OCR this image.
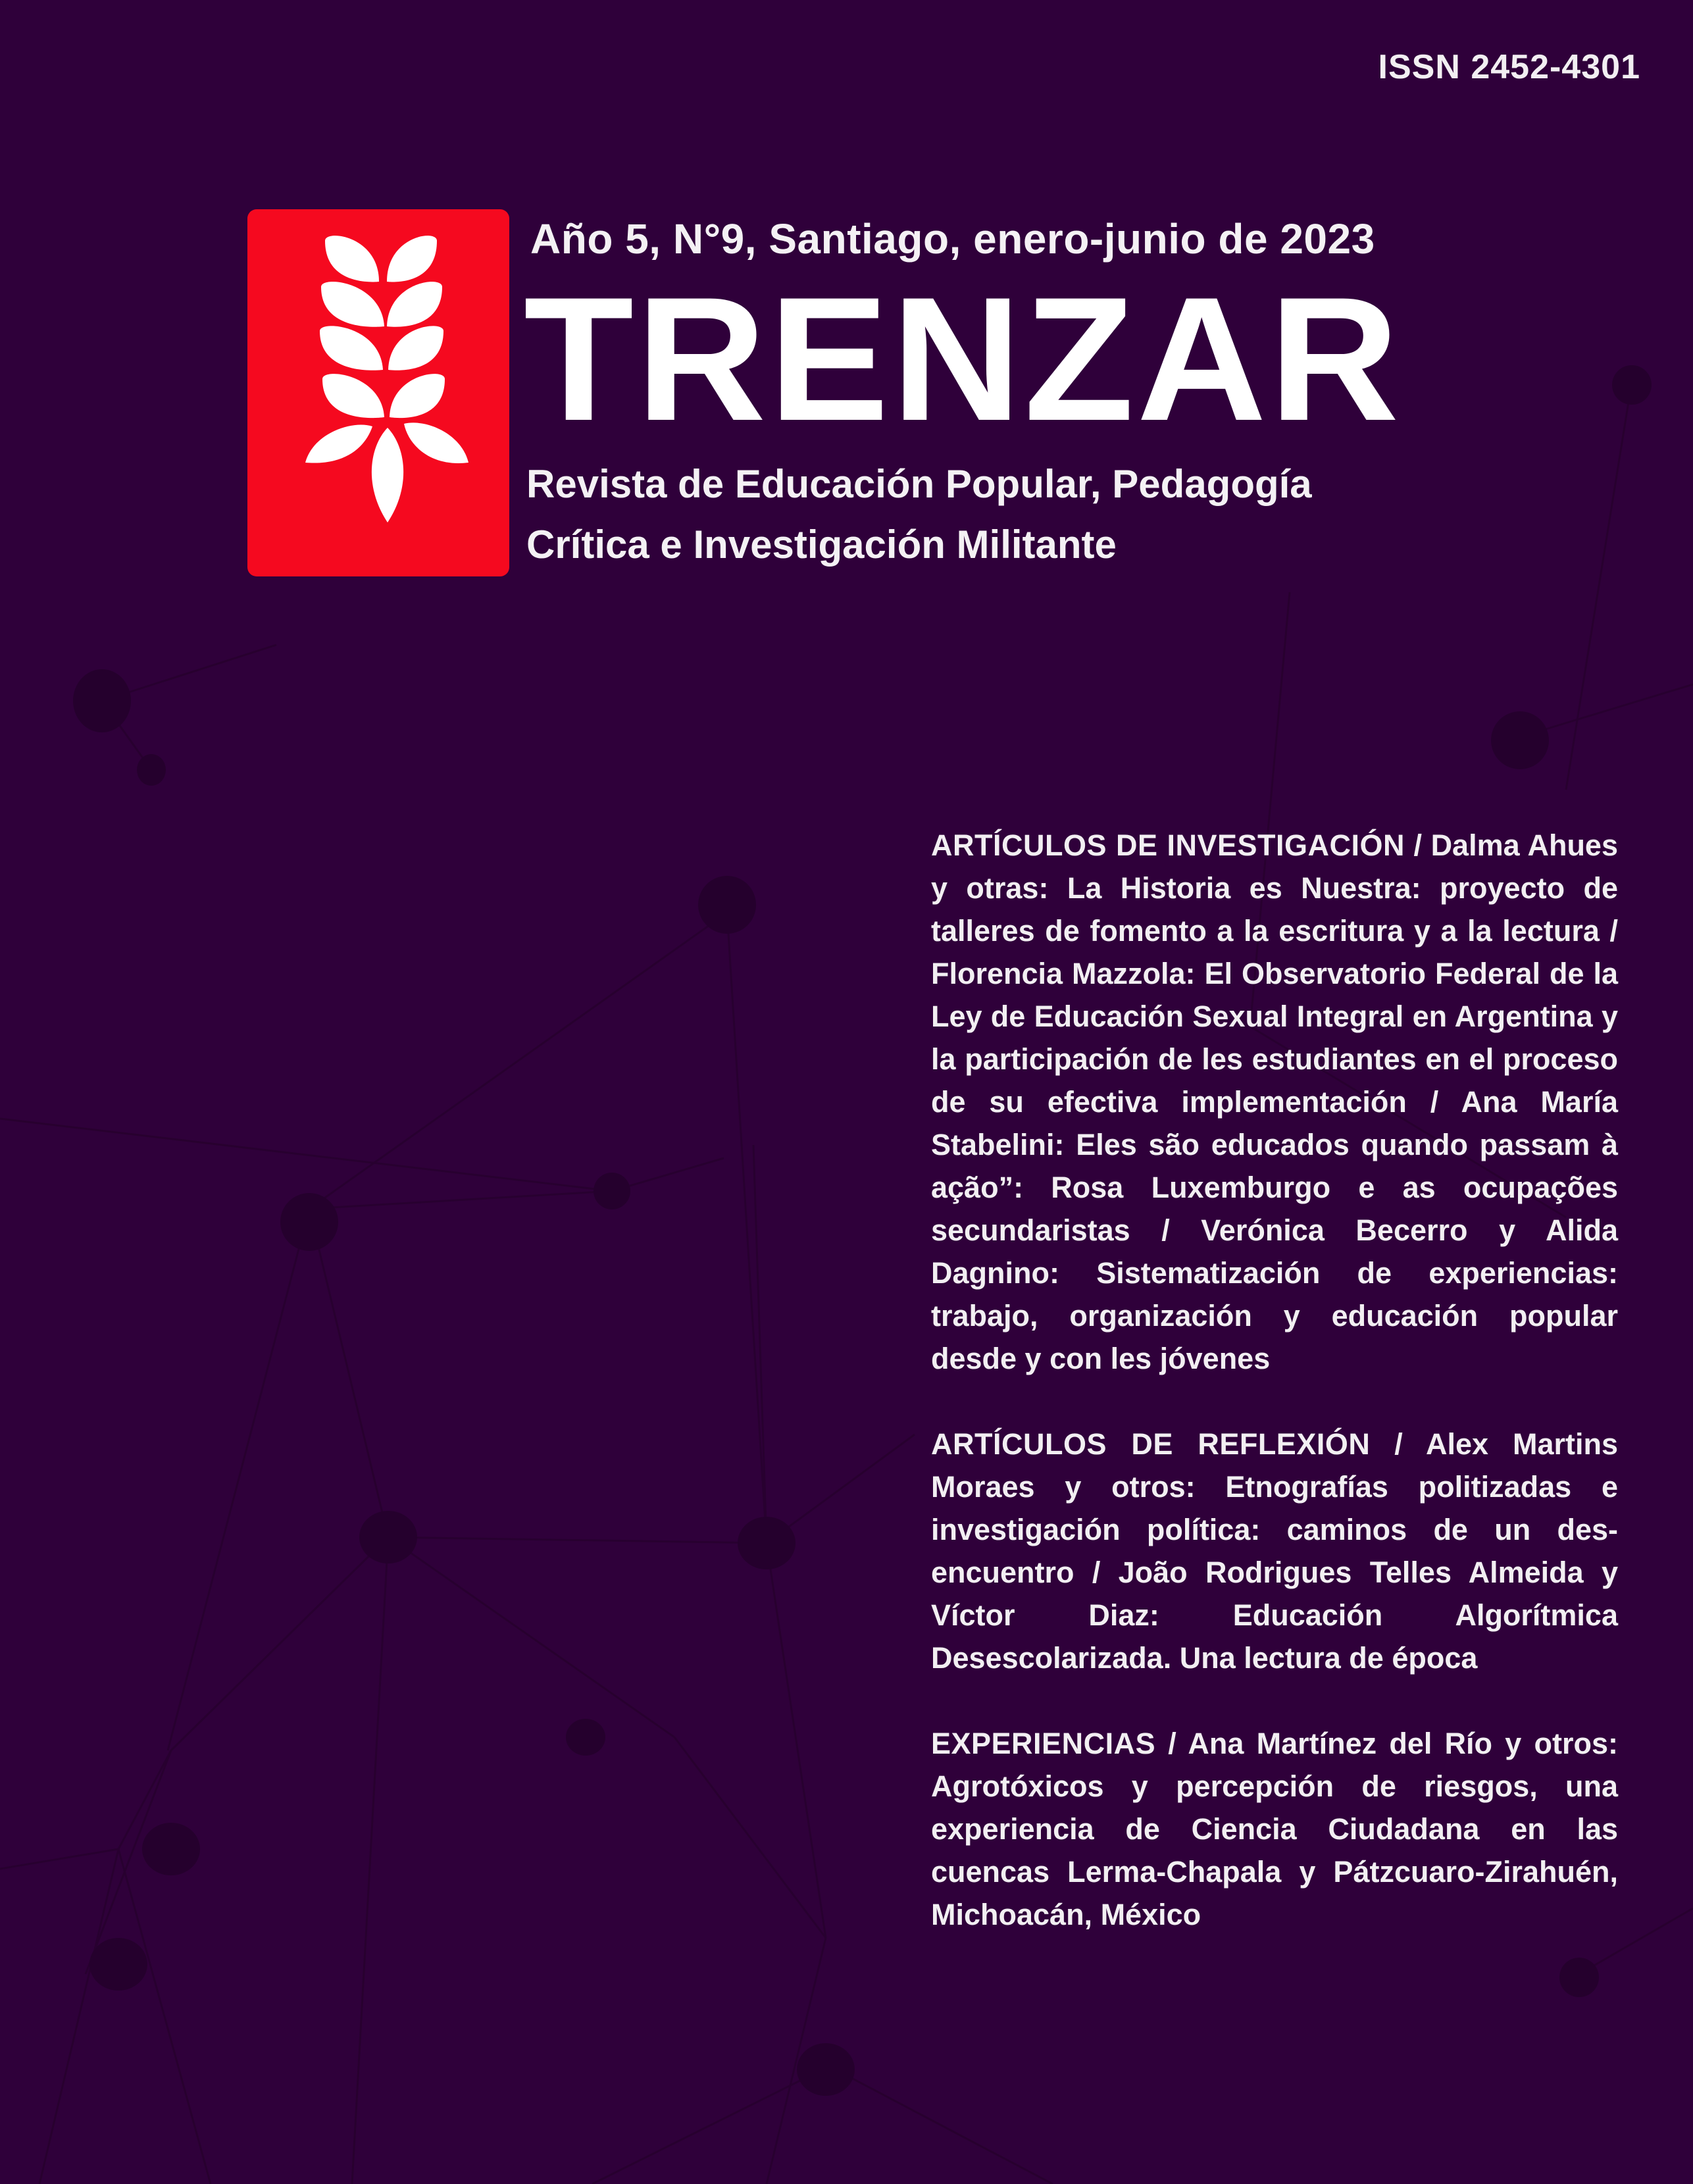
ISSN 2452-4301
Año 5, N°9, Santiago, enero-junio de 2023
TRENZAR
Revista de Educación Popular, Pedagogía
Crítica e Investigación Militante
ARTÍCULOS DE INVESTIGACIÓN / Dalma Ahues y otras: La Historia es Nuestra: proyecto de talleres de fomento a la escritura y a la lectura / Florencia Mazzola: El Observatorio Federal de la Ley de Educación Sexual Integral en Argentina y la participación de les estudiantes en el proceso de su efectiva implementación / Ana María Stabelini: Eles são educados quando passam à ação”: Rosa Luxemburgo e as ocupações secundaristas / Verónica Becerro y Alida Dagnino: Sistematización de experiencias: trabajo, organización y educación popular desde y con les jóvenes
ARTÍCULOS DE REFLEXIÓN / Alex Martins Moraes y otros: Etnografías politizadas e investigación política: caminos de un desencuentro / João Rodrigues Telles Almeida y Víctor Diaz: Educación Algorítmica Desescolarizada. Una lectura de época
EXPERIENCIAS / Ana Martínez del Río y otros: Agrotóxicos y percepción de riesgos, una experiencia de Ciencia Ciudadana en las cuencas Lerma-Chapala y Pátzcuaro-Zirahuén, Michoacán, México
